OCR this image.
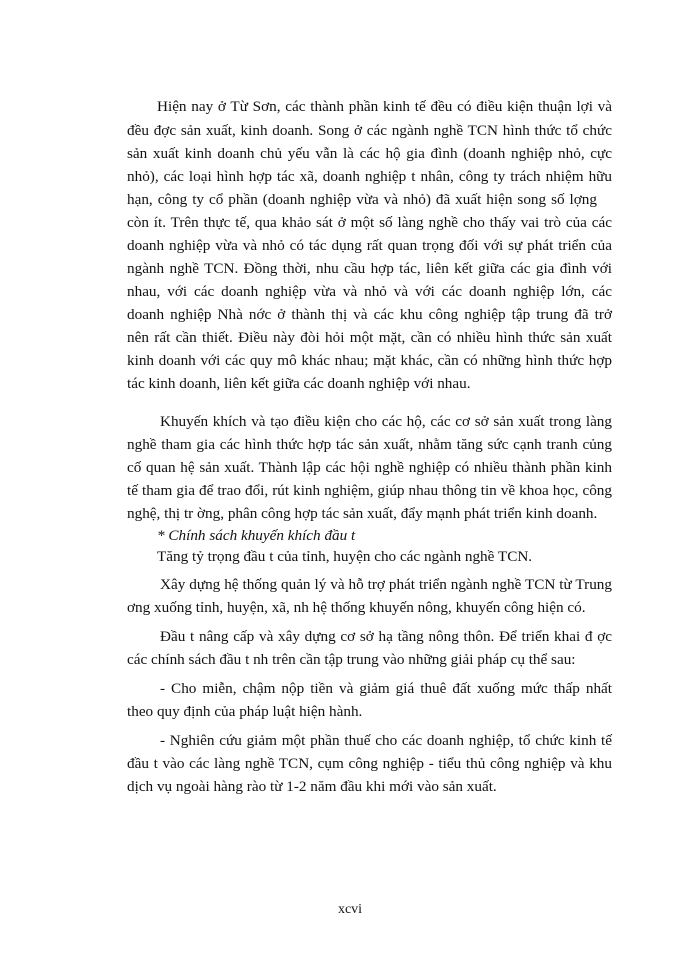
Hiện nay ở Từ Sơn, các thành phần kinh tế đều có điều kiện thuận lợi và
đều đợc sản xuất, kinh doanh. Song ở các ngành nghề TCN hình thức tổ chức
sản xuất kinh doanh chủ yếu vẫn là các hộ gia đình (doanh nghiệp nhỏ, cực
nhỏ), các loại hình hợp tác xã, doanh nghiệp t nhân, công ty trách nhiệm hữu
hạn, công ty cổ phần (doanh nghiệp vừa và nhỏ) đã xuất hiện song số lợng
còn ít. Trên thực tế, qua khảo sát ở một số làng nghề cho thấy vai trò của các
doanh nghiệp vừa và nhỏ có tác dụng rất quan trọng đối với sự phát triển của
ngành nghề TCN. Đồng thời, nhu cầu hợp tác, liên kết giữa các gia đình với
nhau, với các doanh nghiệp vừa và nhỏ và với các doanh nghiệp lớn, các
doanh nghiệp Nhà nớc ở thành thị và các khu công nghiệp tập trung đã trở
nên rất cần thiết. Điều này đòi hỏi một mặt, cần có nhiều hình thức sản xuất
kinh doanh với các quy mô khác nhau; mặt khác, cần có những hình thức hợp
tác kinh doanh, liên kết giữa các doanh nghiệp với nhau.
Khuyến khích và tạo điều kiện cho các hộ, các cơ sở sản xuất trong làng
nghề tham gia các hình thức hợp tác sản xuất, nhằm tăng sức cạnh tranh củng
cố quan hệ sản xuất. Thành lập các hội nghề nghiệp có nhiều thành phần kinh
tế tham gia để trao đổi, rút kinh nghiệm, giúp nhau thông tin về khoa học, công
nghệ, thị tr ờng, phân công hợp tác sản xuất, đẩy mạnh phát triển kinh doanh.
* Chính sách khuyến khích đầu t
Tăng tỷ trọng đầu t của tỉnh, huyện cho các ngành nghề TCN.
Xây dựng hệ thống quản lý và hỗ trợ phát triển ngành nghề TCN từ Trung
ơng xuống tỉnh, huyện, xã, nh hệ thống khuyến nông, khuyến công hiện có.
Đầu t nâng cấp và xây dựng cơ sở hạ tầng nông thôn. Để triển khai đ ợc
các chính sách đầu t nh trên cần tập trung vào những giải pháp cụ thể sau:
- Cho miễn, chậm nộp tiền và giảm giá thuê đất xuống mức thấp nhất
theo quy định của pháp luật hiện hành.
- Nghiên cứu giảm một phần thuế cho các doanh nghiệp, tổ chức kinh tế
đầu t vào các làng nghề TCN, cụm công nghiệp - tiểu thủ công nghiệp và khu
dịch vụ ngoài hàng rào từ 1-2 năm đầu khi mới vào sản xuất.
xcvi
